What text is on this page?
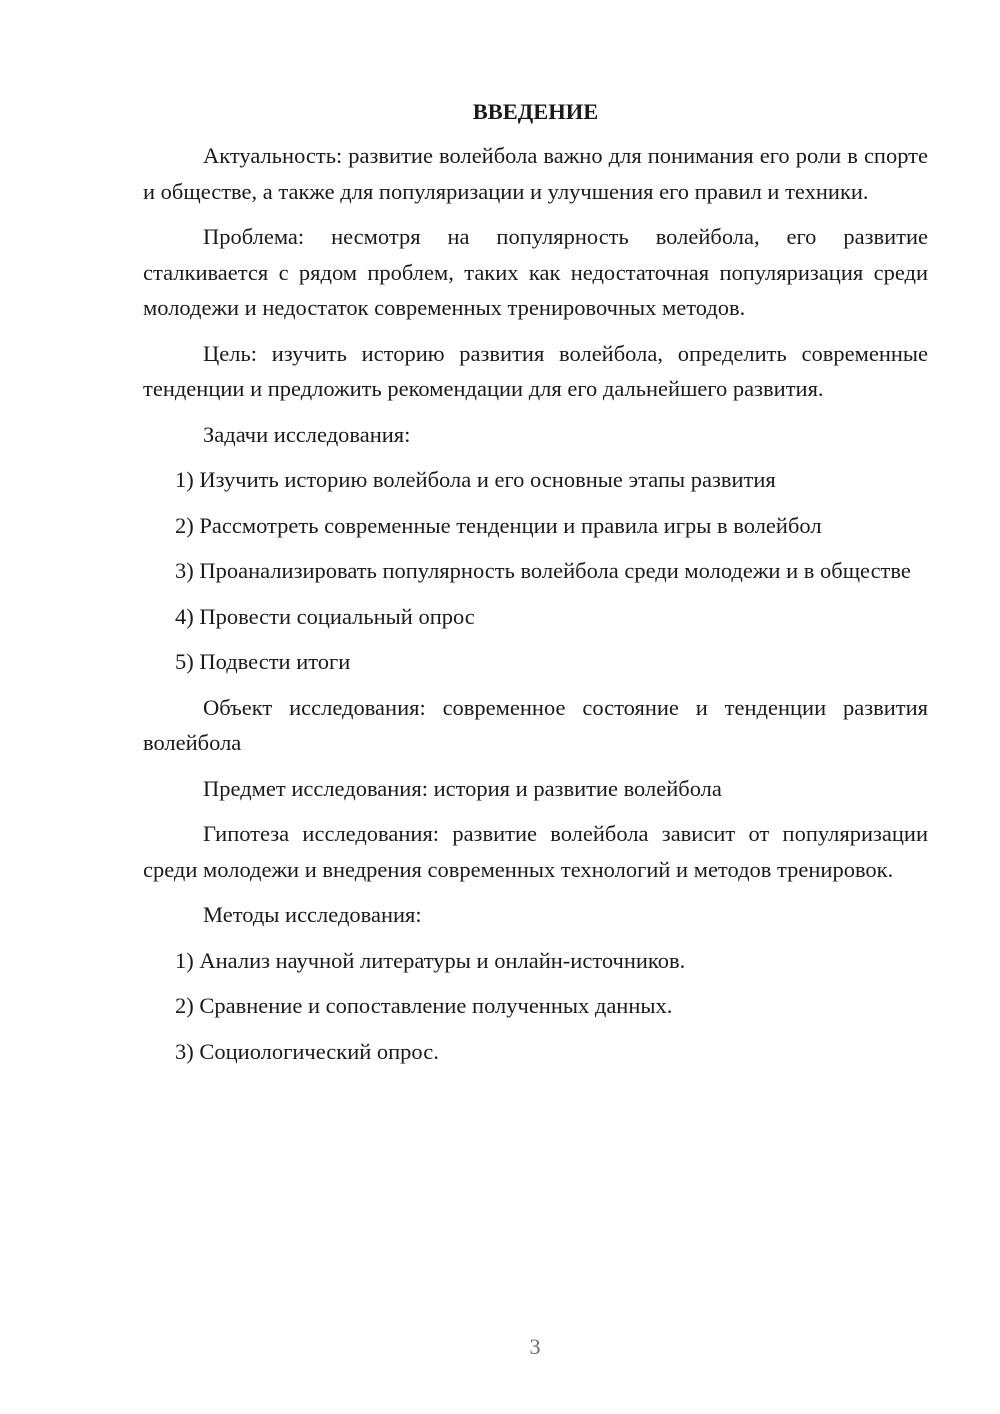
ВВЕДЕНИЕ

Актуальность: развитие волейбола важно для понимания его роли в спорте и обществе, а также для популяризации и улучшения его правил и техники.

Проблема: несмотря на популярность волейбола, его развитие сталкивается с рядом проблем, таких как недостаточная популяризация среди молодежи и недостаток современных тренировочных методов.

Цель: изучить историю развития волейбола, определить современные тенденции и предложить рекомендации для его дальнейшего развития.

Задачи исследования:

1) Изучить историю волейбола и его основные этапы развития

2) Рассмотреть современные тенденции и правила игры в волейбол

3) Проанализировать популярность волейбола среди молодежи и в обществе

4) Провести социальный опрос

5) Подвести итоги

Объект исследования: современное состояние и тенденции развития волейбола

Предмет исследования: история и развитие волейбола

Гипотеза исследования: развитие волейбола зависит от популяризации среди молодежи и внедрения современных технологий и методов тренировок.

Методы исследования:

1) Анализ научной литературы и онлайн-источников.

2) Сравнение и сопоставление полученных данных.

3) Социологический опрос.

3
